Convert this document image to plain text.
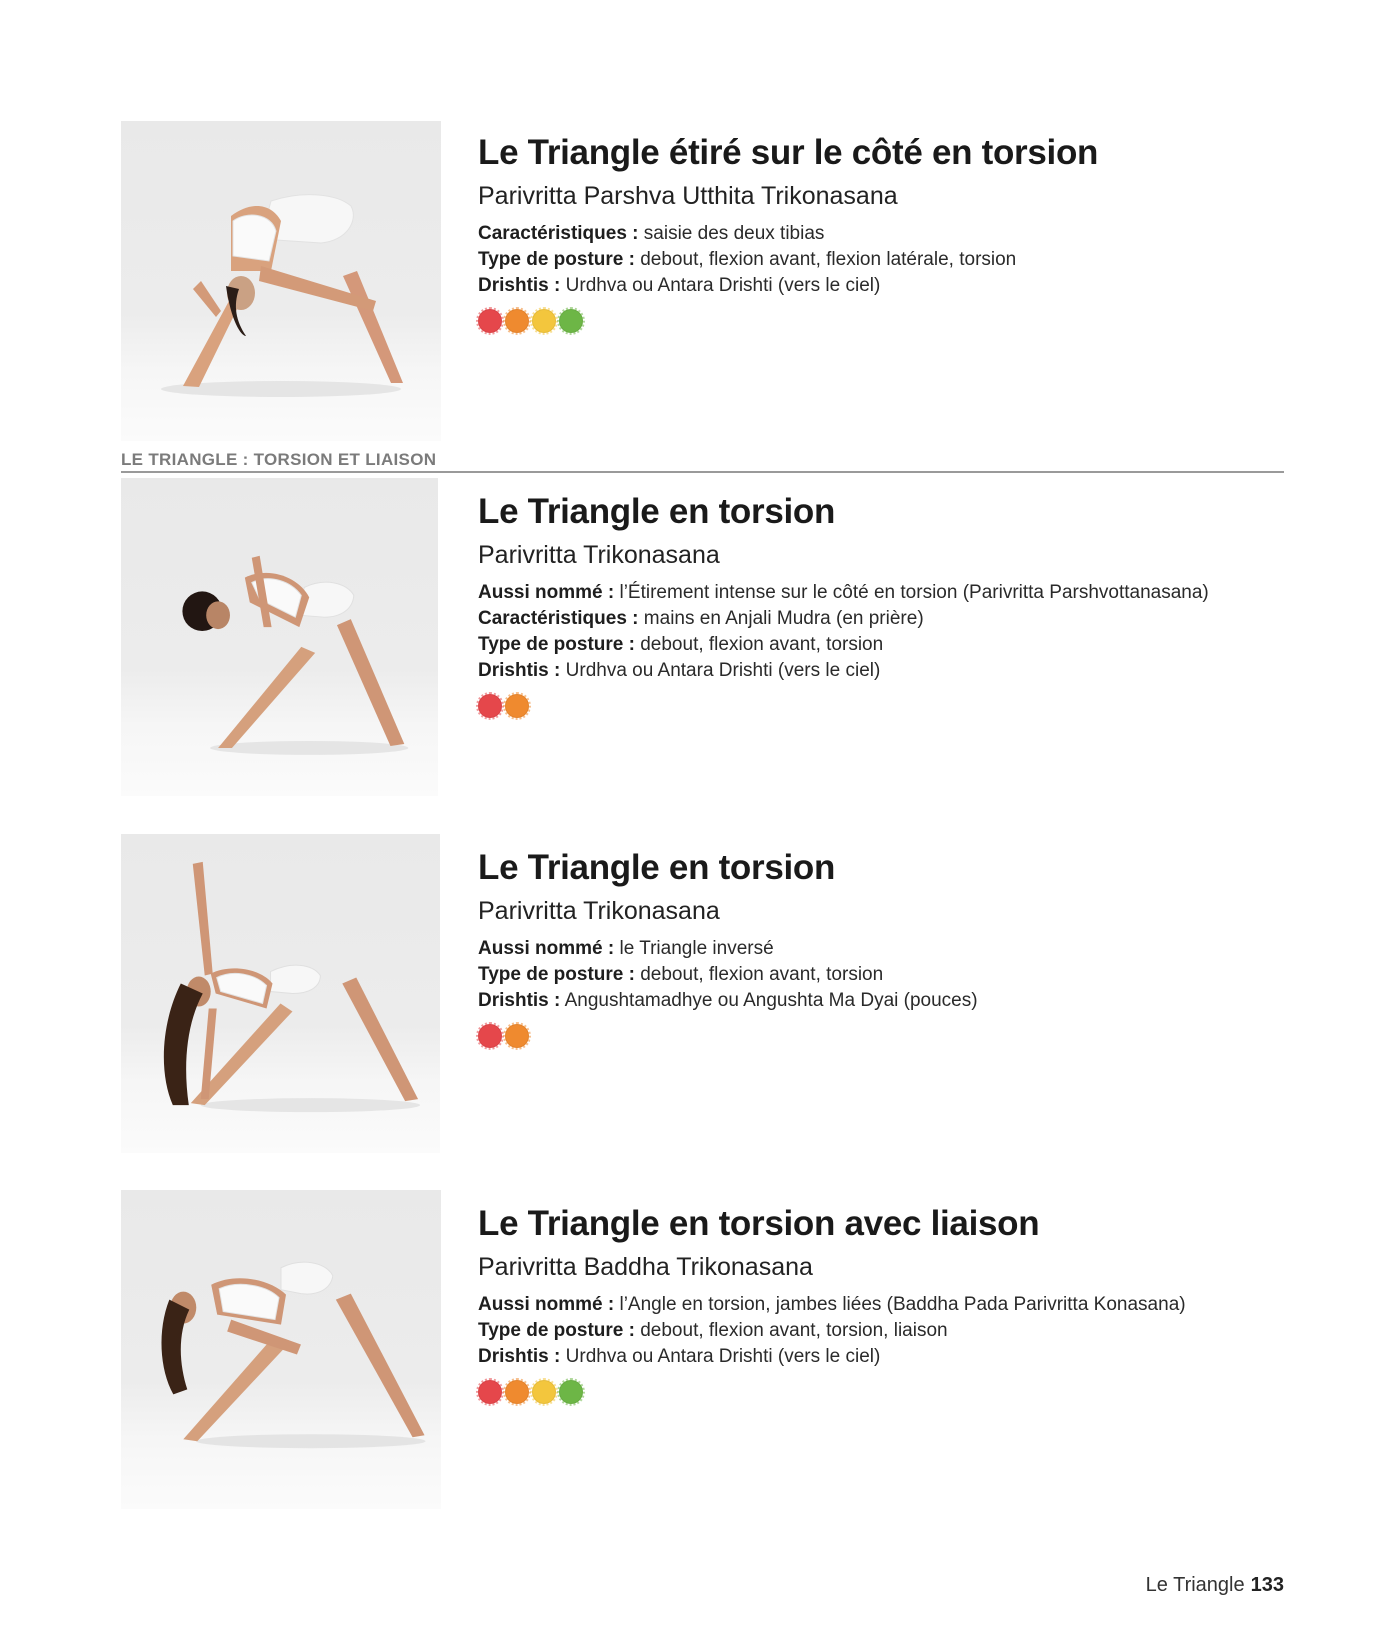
Le Triangle étiré sur le côté en torsion
Parivritta Parshva Utthita Trikonasana
Caractéristiques : saisie des deux tibias
Type de posture : debout, flexion avant, flexion latérale, torsion
Drishtis : Urdhva ou Antara Drishti (vers le ciel)
LE TRIANGLE : TORSION ET LIAISON
Le Triangle en torsion
Parivritta Trikonasana
Aussi nommé : l’Étirement intense sur le côté en torsion (Parivritta Parshvottanasana)
Caractéristiques : mains en Anjali Mudra (en prière)
Type de posture : debout, flexion avant, torsion
Drishtis : Urdhva ou Antara Drishti (vers le ciel)
Le Triangle en torsion
Parivritta Trikonasana
Aussi nommé : le Triangle inversé
Type de posture : debout, flexion avant, torsion
Drishtis : Angushtamadhye ou Angushta Ma Dyai (pouces)
Le Triangle en torsion avec liaison
Parivritta Baddha Trikonasana
Aussi nommé : l’Angle en torsion, jambes liées (Baddha Pada Parivritta Konasana)
Type de posture : debout, flexion avant, torsion, liaison
Drishtis : Urdhva ou Antara Drishti (vers le ciel)
Le Triangle 133
